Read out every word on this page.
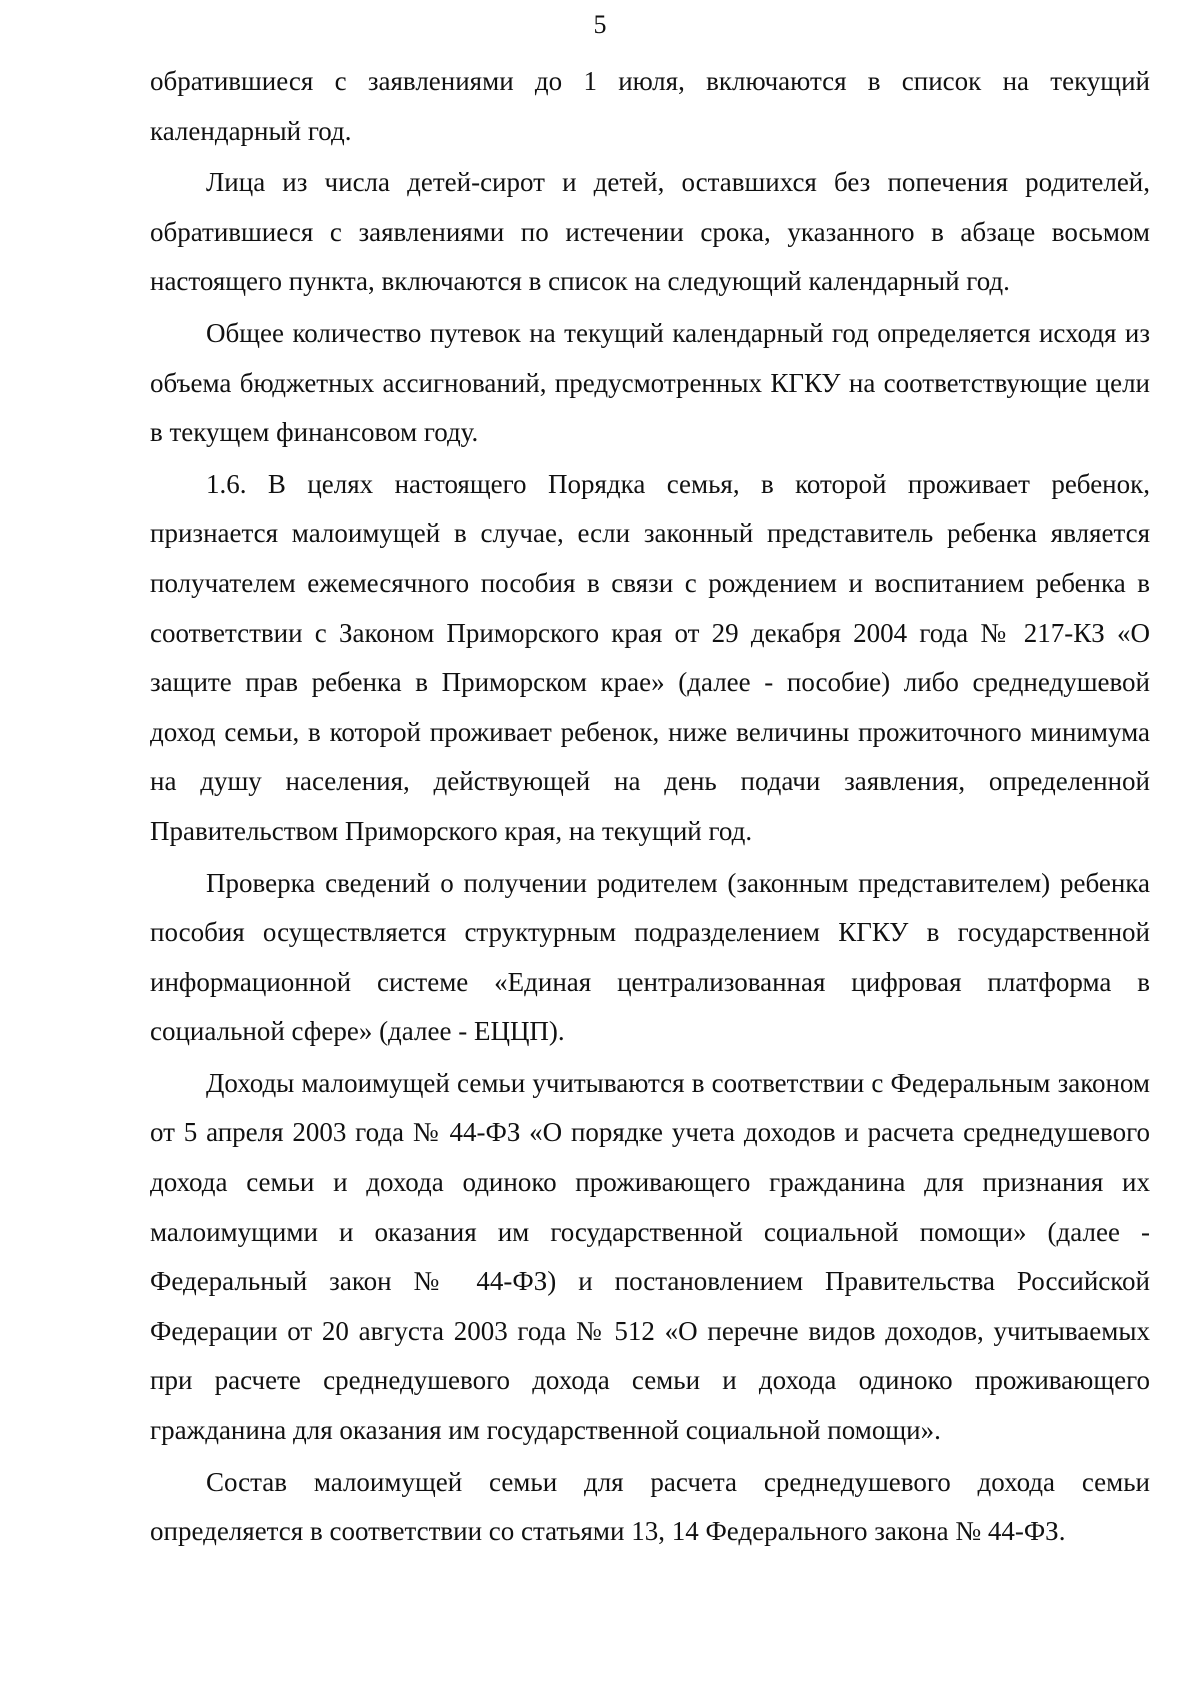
5

обратившиеся с заявлениями до 1 июля, включаются в список на текущий календарный год.

Лица из числа детей-сирот и детей, оставшихся без попечения родителей, обратившиеся с заявлениями по истечении срока, указанного в абзаце восьмом настоящего пункта, включаются в список на следующий календарный год.

Общее количество путевок на текущий календарный год определяется исходя из объема бюджетных ассигнований, предусмотренных КГКУ на соответствующие цели в текущем финансовом году.

1.6. В целях настоящего Порядка семья, в которой проживает ребенок, признается малоимущей в случае, если законный представитель ребенка является получателем ежемесячного пособия в связи с рождением и воспитанием ребенка в соответствии с Законом Приморского края от 29 декабря 2004 года № 217-КЗ «О защите прав ребенка в Приморском крае» (далее - пособие) либо среднедушевой доход семьи, в которой проживает ребенок, ниже величины прожиточного минимума на душу населения, действующей на день подачи заявления, определенной Правительством Приморского края, на текущий год.

Проверка сведений о получении родителем (законным представителем) ребенка пособия осуществляется структурным подразделением КГКУ в государственной информационной системе «Единая централизованная цифровая платформа в социальной сфере» (далее - ЕЦЦП).

Доходы малоимущей семьи учитываются в соответствии с Федеральным законом от 5 апреля 2003 года № 44-ФЗ «О порядке учета доходов и расчета среднедушевого дохода семьи и дохода одиноко проживающего гражданина для признания их малоимущими и оказания им государственной социальной помощи» (далее - Федеральный закон № 44-ФЗ) и постановлением Правительства Российской Федерации от 20 августа 2003 года № 512 «О перечне видов доходов, учитываемых при расчете среднедушевого дохода семьи и дохода одиноко проживающего гражданина для оказания им государственной социальной помощи».

Состав малоимущей семьи для расчета среднедушевого дохода семьи определяется в соответствии со статьями 13, 14 Федерального закона № 44-ФЗ.
